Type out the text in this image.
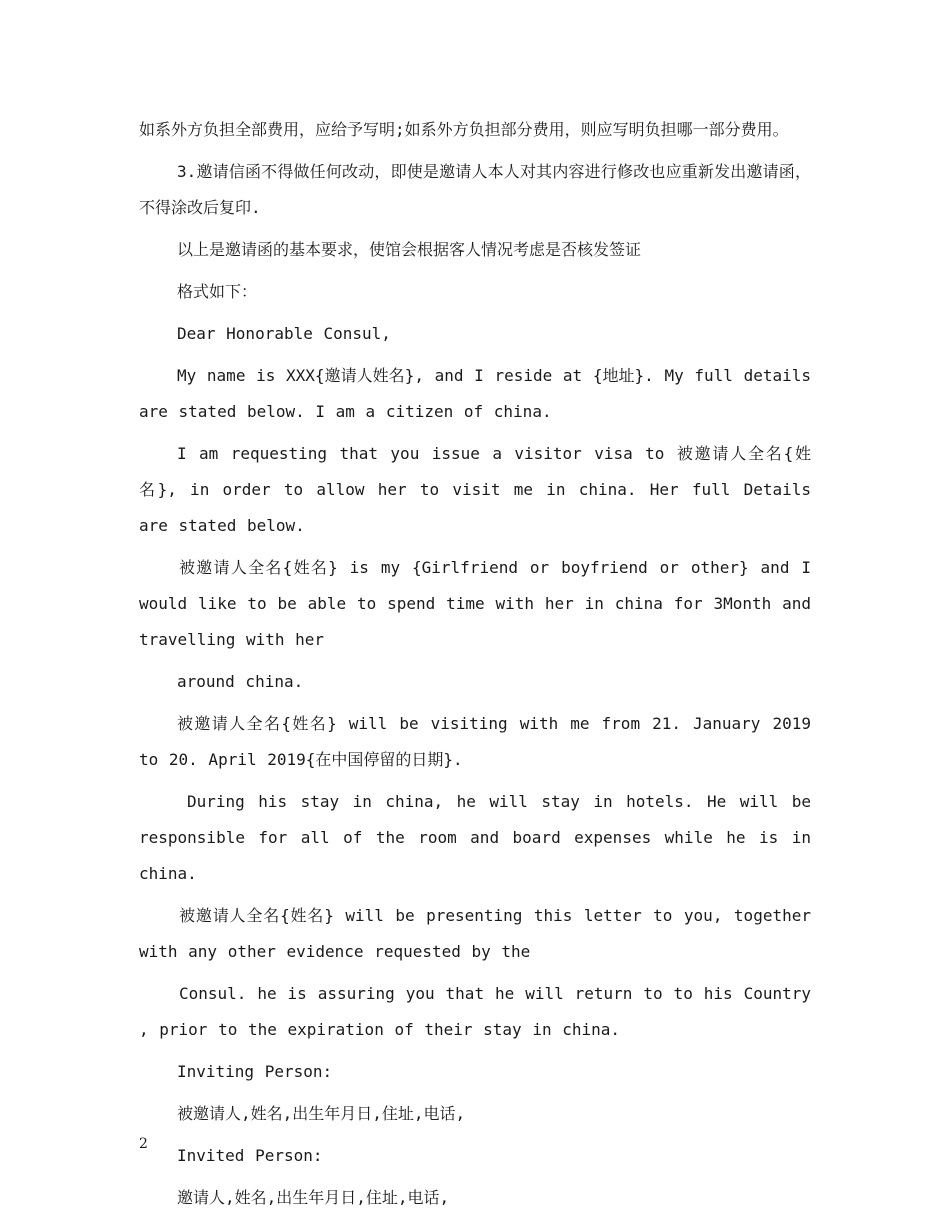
如系外方负担全部费用，应给予写明;如系外方负担部分费用，则应写明负担哪一部分费用。

3.邀请信函不得做任何改动，即使是邀请人本人对其内容进行修改也应重新发出邀请函，不得涂改后复印.

以上是邀请函的基本要求，使馆会根据客人情况考虑是否核发签证

格式如下：

Dear Honorable Consul,

My name is XXX{邀请人姓名}, and I reside at {地址}. My full details are stated below. I am a citizen of china.

I am requesting that you issue a visitor visa to 被邀请人全名{姓名}, in order to allow her to visit me in china. Her full Details are stated below.

被邀请人全名{姓名} is my {Girlfriend or boyfriend or other} and I would like to be able to spend time with her in china for 3Month and travelling with her

around china.

被邀请人全名{姓名} will be visiting with me from 21. January 2019 to 20. April 2019{在中国停留的日期}.

During his stay in china, he will stay in hotels. He will be responsible for all of the room and board expenses while he is in china.

被邀请人全名{姓名} will be presenting this letter to you, together with any other evidence requested by the

Consul. he is assuring you that he will return to to his Country , prior to the expiration of their stay in china.

Inviting Person:

被邀请人,姓名,出生年月日,住址,电话,

Invited Person:

邀请人,姓名,出生年月日,住址,电话,

2
